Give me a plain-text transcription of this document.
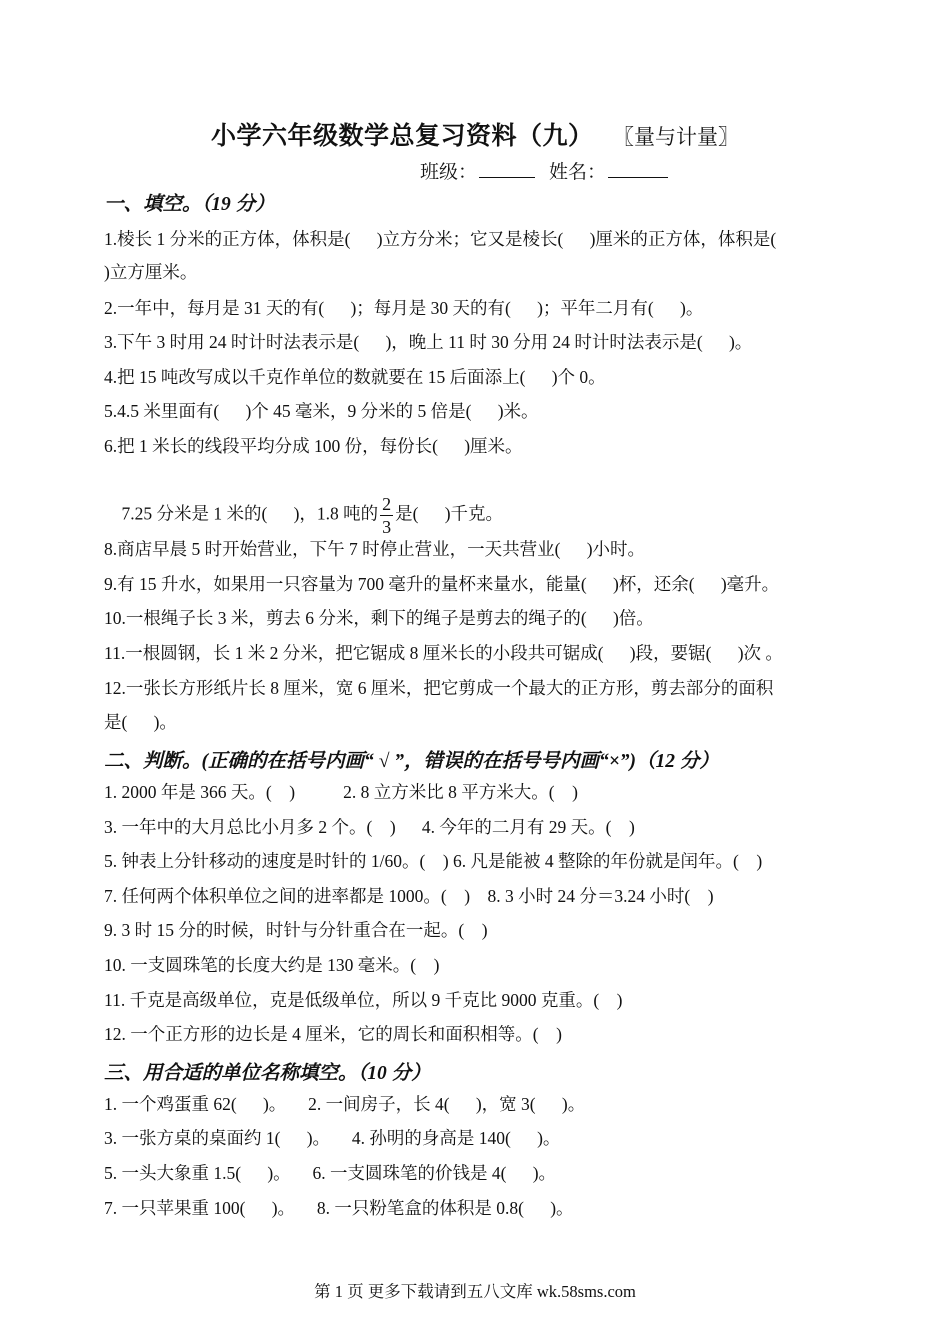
小学六年级数学总复习资料（九） 〖量与计量〗
班级：	姓名：
一、填空。（19 分）
1.棱长 1 分米的正方体，体积是(      )立方分米；它又是棱长(      )厘米的正方体，体积是(
)立方厘米。
2.一年中，每月是 31 天的有(      )；每月是 30 天的有(      )；平年二月有(      )。
3.下午 3 时用 24 时计时法表示是(      )，晚上 11 时 30 分用 24 时计时法表示是(      )。
4.把 15 吨改写成以千克作单位的数就要在 15 后面添上(      )个 0。
5.4.5 米里面有(      )个 45 毫米，9 分米的 5 倍是(      )米。
6.把 1 米长的线段平均分成 100 份，每份长(      )厘米。

7.25 分米是 1 米的(      )，1.8 吨的 $\frac{2}{3}$ 是(      )千克。

8.商店早晨 5 时开始营业，下午 7 时停止营业，一天共营业(      )小时。
9.有 15 升水，如果用一只容量为 700 毫升的量杯来量水，能量(      )杯，还余(      )毫升。
10.一根绳子长 3 米，剪去 6 分米，剩下的绳子是剪去的绳子的(      )倍。
11.一根圆钢，长 1 米 2 分米，把它锯成 8 厘米长的小段共可锯成(      )段，要锯(      )次 。
12.一张长方形纸片长 8 厘米，宽 6 厘米，把它剪成一个最大的正方形，剪去部分的面积
是(      )。
二、判断。(正确的在括号内画“ √ ”，错误的在括号号内画“×”)（12 分）
1. 2000 年是 366 天。(    )           2. 8 立方米比 8 平方米大。(    )
3. 一年中的大月总比小月多 2 个。(    )      4. 今年的二月有 29 天。(    )
5. 钟表上分针移动的速度是时针的 1/60。(    ) 6. 凡是能被 4 整除的年份就是闰年。(    )
7. 任何两个体积单位之间的进率都是 1000。(    )    8. 3 小时 24 分＝3.24 小时(    )
9. 3 时 15 分的时候，时针与分针重合在一起。(    )
10. 一支圆珠笔的长度大约是 130 毫米。(    )
11. 千克是高级单位，克是低级单位，所以 9 千克比 9000 克重。(    )
12. 一个正方形的边长是 4 厘米，它的周长和面积相等。(    )
三、用合适的单位名称填空。（10 分）
1. 一个鸡蛋重 62(      )。     2. 一间房子，长 4(      )，宽 3(      )。
3. 一张方桌的桌面约 1(      )。     4. 孙明的身高是 140(      )。
5. 一头大象重 1.5(      )。     6. 一支圆珠笔的价钱是 4(      )。
7. 一只苹果重 100(      )。     8. 一只粉笔盒的体积是 0.8(      )。
第 1 页 更多下载请到五八文库 wk.58sms.com
